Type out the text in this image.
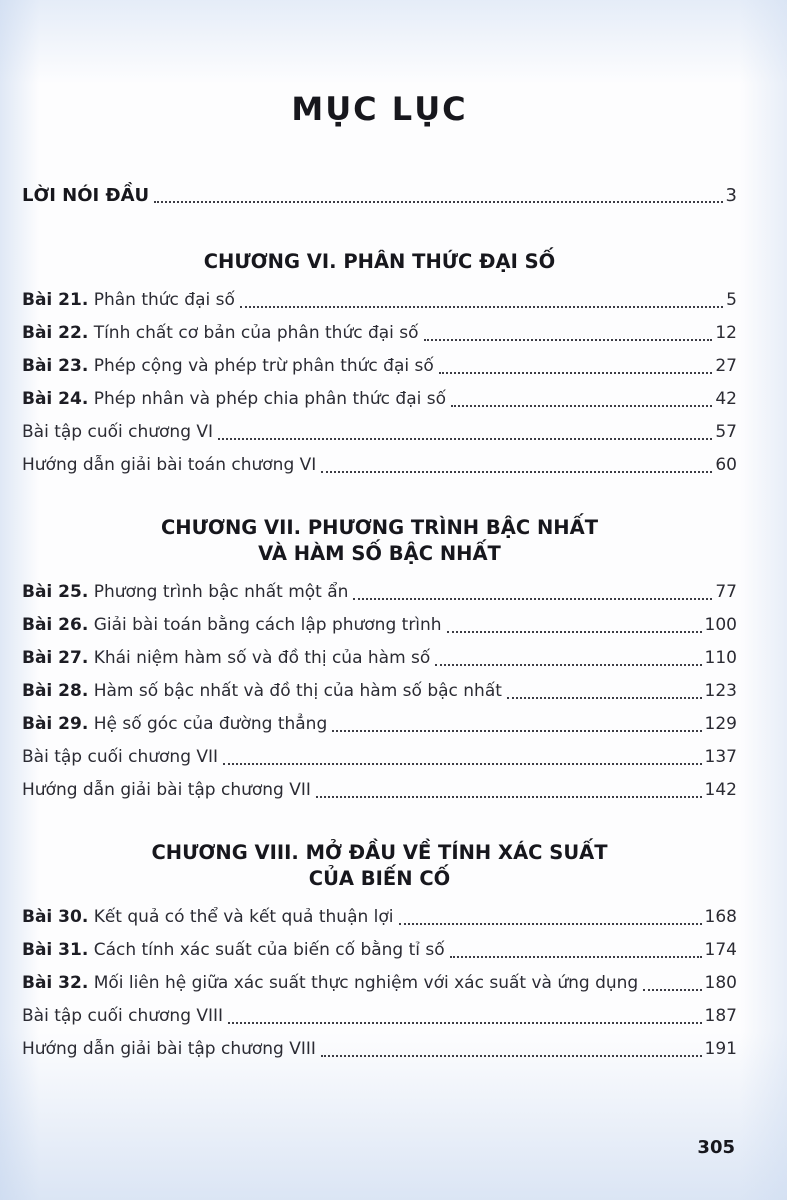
MỤC LỤC
LỜI NÓI ĐẦU	3
CHƯƠNG VI. PHÂN THỨC ĐẠI SỐ
Bài 21. Phân thức đại số	5
Bài 22. Tính chất cơ bản của phân thức đại số	12
Bài 23. Phép cộng và phép trừ phân thức đại số	27
Bài 24. Phép nhân và phép chia phân thức đại số	42
Bài tập cuối chương VI	57
Hướng dẫn giải bài toán chương VI	60
CHƯƠNG VII. PHƯƠNG TRÌNH BẬC NHẤT
VÀ HÀM SỐ BẬC NHẤT
Bài 25. Phương trình bậc nhất một ẩn	77
Bài 26. Giải bài toán bằng cách lập phương trình	100
Bài 27. Khái niệm hàm số và đồ thị của hàm số	110
Bài 28. Hàm số bậc nhất và đồ thị của hàm số bậc nhất	123
Bài 29. Hệ số góc của đường thẳng	129
Bài tập cuối chương VII	137
Hướng dẫn giải bài tập chương VII	142
CHƯƠNG VIII. MỞ ĐẦU VỀ TÍNH XÁC SUẤT
CỦA BIẾN CỐ
Bài 30. Kết quả có thể và kết quả thuận lợi	168
Bài 31. Cách tính xác suất của biến cố bằng tỉ số	174
Bài 32. Mối liên hệ giữa xác suất thực nghiệm với xác suất và ứng dụng	180
Bài tập cuối chương VIII	187
Hướng dẫn giải bài tập chương VIII	191
305
